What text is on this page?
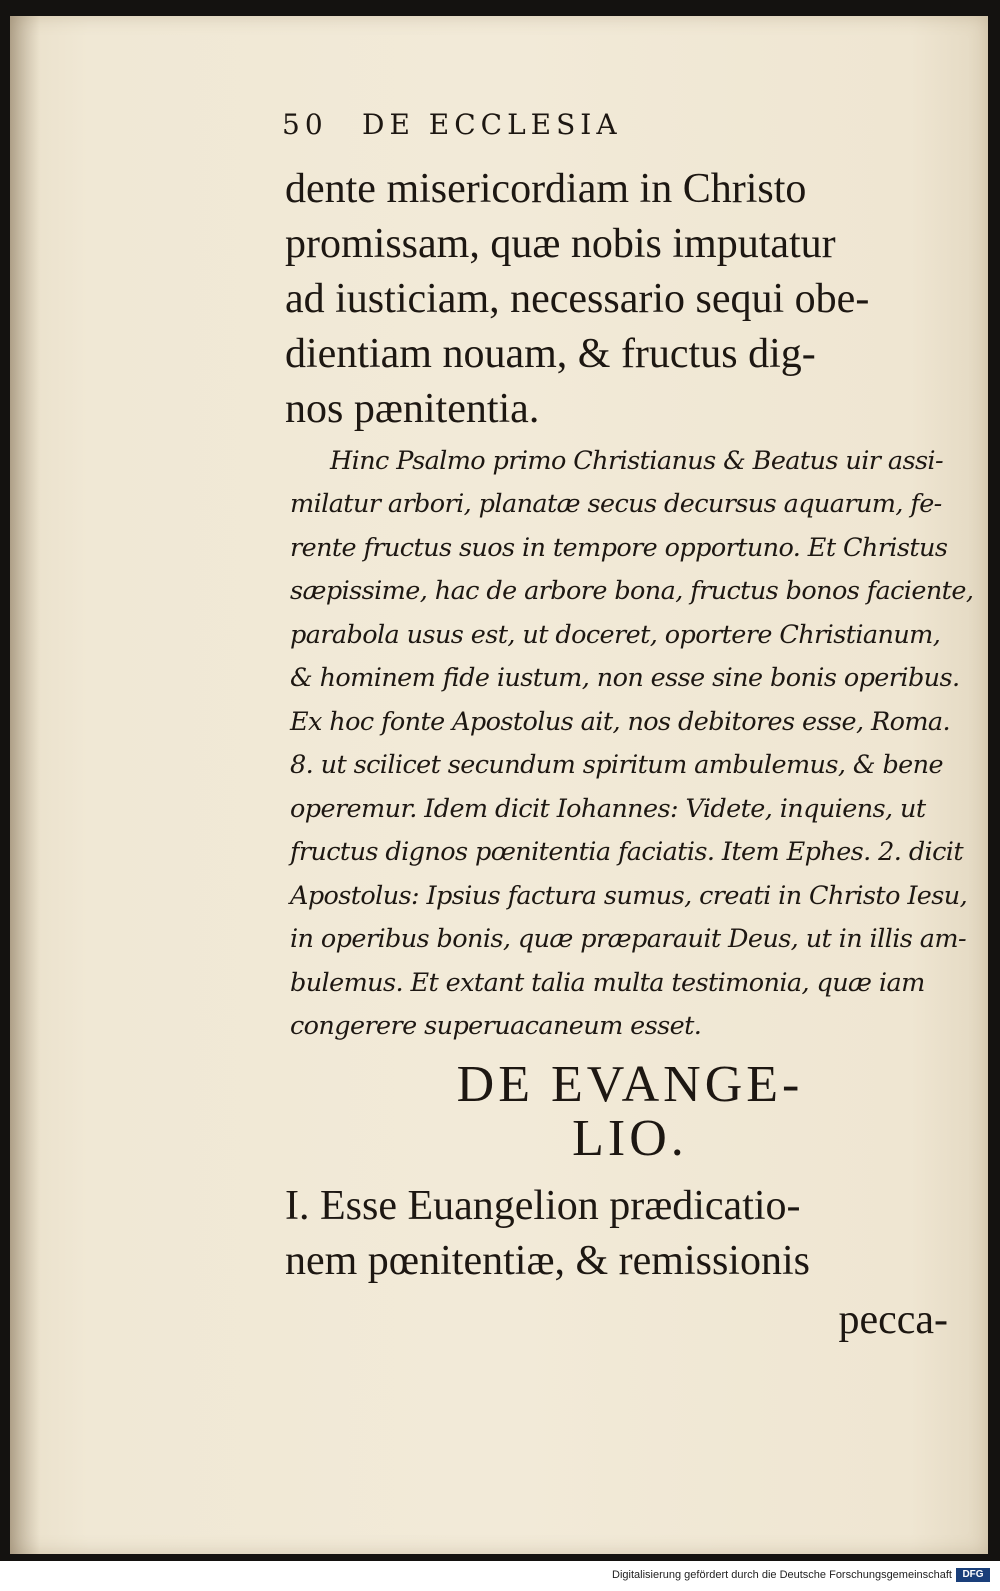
50 DE ECCLESIA
dente misericordiam in Christo
promissam, quæ nobis imputatur
ad iusticiam, necessario sequi obe-
dientiam nouam, & fructus dig-
nos pænitentia.
Hinc Psalmo primo Christianus & Beatus uir assi-
milatur arbori, planatæ secus decursus aquarum, fe-
rente fructus suos in tempore opportuno. Et Christus
sæpissime, hac de arbore bona, fructus bonos faciente,
parabola usus est, ut doceret, oportere Christianum,
& hominem fide iustum, non esse sine bonis operibus.
Ex hoc fonte Apostolus ait, nos debitores esse, Roma.
8. ut scilicet secundum spiritum ambulemus, & bene
operemur. Idem dicit Iohannes: Videte, inquiens, ut
fructus dignos pœnitentia faciatis. Item Ephes. 2. dicit
Apostolus: Ipsius factura sumus, creati in Christo Iesu,
in operibus bonis, quæ præparauit Deus, ut in illis am-
bulemus. Et extant talia multa testimonia, quæ iam
congerere superuacaneum esset.
DE EVANGE-
LIO.
I. Esse Euangelion prædicatio-
nem pœnitentiæ, & remissionis
pecca-
Digitalisierung gefördert durch die Deutsche Forschungsgemeinschaft	DFG
